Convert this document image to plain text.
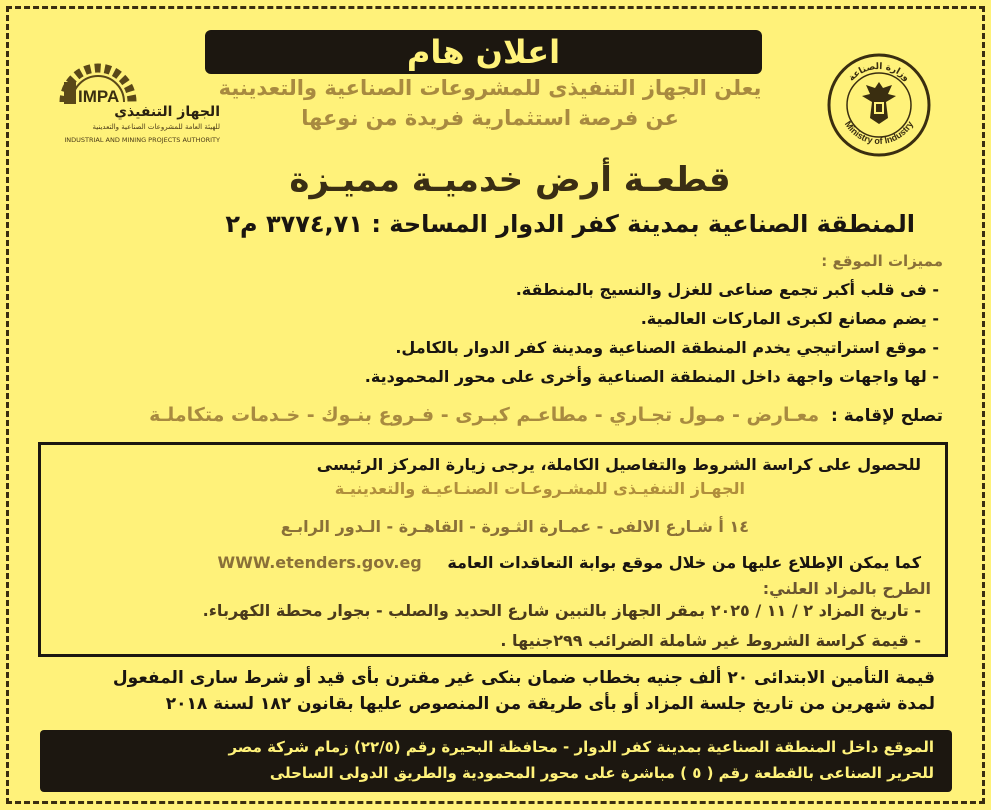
اعلان هام
IMPA
الجهاز التنفيذي
للهيئة العامة للمشروعات الصناعية والتعدينية
INDUSTRIAL AND MINING PROJECTS AUTHORITY
وزارة الصناعة
Ministry of Industry
يعلن الجهاز التنفيذى للمشروعات الصناعية والتعدينية
عن فرصة استثمارية فريدة من نوعها
قطعـة أرض خدميـة مميـزة
المنطقة الصناعية بمدينة كفر الدوار المساحة : ٣٧٧٤,٧١ م٢
مميزات الموقع :
- فى قلب أكبر تجمع صناعى للغزل والنسيج بالمنطقة.
- يضم مصانع لكبرى الماركات العالمية.
- موقع استراتيجي يخدم المنطقة الصناعية ومدينة كفر الدوار بالكامل.
- لها واجهات واجهة داخل المنطقة الصناعية وأخرى على محور المحمودية.
تصلح لإقامة : معـارض - مـول تجـاري - مطاعـم كبـرى - فـروع بنـوك - خـدمات متكاملـة
للحصول على كراسة الشروط والتفاصيل الكاملة، يرجى زيارة المركز الرئيسى
الجهـاز التنفيـذى للمشـروعـات الصنـاعيـة والتعدينيـة
١٤ أ شـارع الالفى - عمـارة الثـورة - القاهـرة - الـدور الرابـع
كما يمكن الإطلاع عليها من خلال موقع بوابة التعاقدات العامة WWW.etenders.gov.eg
الطرح بالمزاد العلني:
- تاريخ المزاد ٢ / ١١ / ٢٠٢٥ بمقر الجهاز بالتبين شارع الحديد والصلب - بجوار محطة الكهرباء.
- قيمة كراسة الشروط غير شاملة الضرائب ٢٩٩جنيها .
قيمة التأمين الابتدائى ٢٠ ألف جنيه بخطاب ضمان بنكى غير مقترن بأى قيد أو شرط سارى المفعول
لمدة شهرين من تاريخ جلسة المزاد أو بأى طريقة من المنصوص عليها بقانون ١٨٢ لسنة ٢٠١٨
الموقع داخل المنطقة الصناعية بمدينة كفر الدوار - محافظة البحيرة رقم (٢٢/٥) زمام شركة مصر
للحرير الصناعى بالقطعة رقم ( ٥ ) مباشرة على محور المحمودية والطريق الدولى الساحلى
